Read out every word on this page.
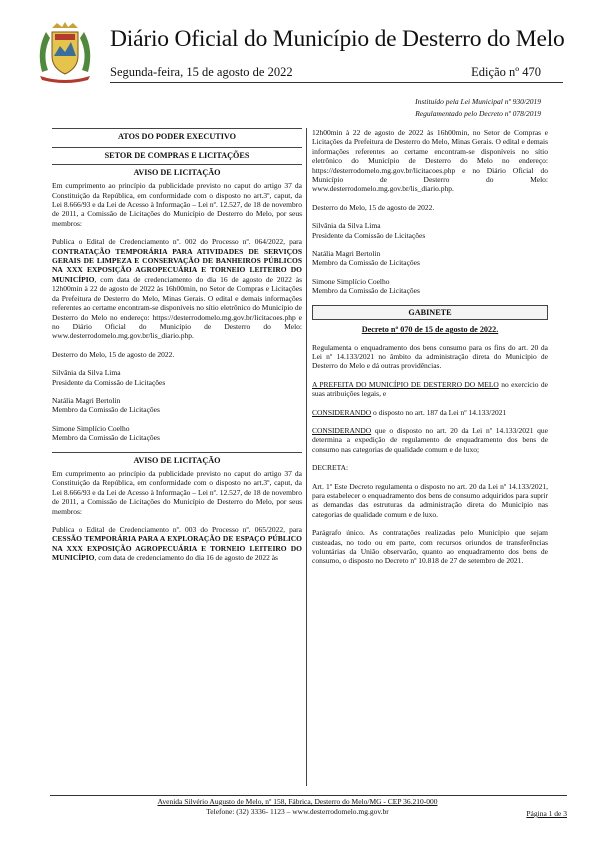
Diário Oficial do Município de Desterro do Melo
Segunda-feira, 15 de agosto de 2022	Edição nº 470
Instituído pela Lei Municipal nº 930/2019
Regulamentado pelo Decreto nº 078/2019
ATOS DO PODER EXECUTIVO
SETOR DE COMPRAS E LICITAÇÕES
AVISO DE LICITAÇÃO

Em cumprimento ao princípio da publicidade previsto no caput do artigo 37 da Constituição da República, em conformidade com o disposto no art.3º, caput, da Lei 8.666/93 e da Lei de Acesso à Informação – Lei nº. 12.527, de 18 de novembro de 2011, a Comissão de Licitações do Município de Desterro do Melo, por seus membros:

Publica o Edital de Credenciamento nº. 002 do Processo nº. 064/2022, para CONTRATAÇÃO TEMPORÁRIA PARA ATIVIDADES DE SERVIÇOS GERAIS DE LIMPEZA E CONSERVAÇÃO DE BANHEIROS PÚBLICOS NA XXX EXPOSIÇÃO AGROPECUÁRIA E TORNEIO LEITEIRO DO MUNICÍPIO, com data de credenciamento do dia 16 de agosto de 2022 às 12h00min à 22 de agosto de 2022 às 16h00min, no Setor de Compras e Licitações da Prefeitura de Desterro do Melo, Minas Gerais. O edital e demais informações referentes ao certame encontram-se disponíveis no sítio eletrônico do Município de Desterro do Melo no endereço: https://desterrodomelo.mg.gov.br/licitacoes.php e no Diário Oficial do Município de Desterro do Melo: www.desterrodomelo.mg.gov.br/lis_diario.php.

Desterro do Melo, 15 de agosto de 2022.

Silvânia da Silva Lima
Presidente da Comissão de Licitações
Natália Magri Bertolin
Membro da Comissão de Licitações
Simone Simplício Coelho
Membro da Comissão de Licitações
AVISO DE LICITAÇÃO

Em cumprimento ao princípio da publicidade previsto no caput do artigo 37 da Constituição da República, em conformidade com o disposto no art.3º, caput, da Lei 8.666/93 e da Lei de Acesso à Informação – Lei nº. 12.527, de 18 de novembro de 2011, a Comissão de Licitações do Município de Desterro do Melo, por seus membros:

Publica o Edital de Credenciamento nº. 003 do Processo nº. 065/2022, para CESSÃO TEMPORÁRIA PARA A EXPLORAÇÃO DE ESPAÇO PÚBLICO NA XXX EXPOSIÇÃO AGROPECUÁRIA E TORNEIO LEITEIRO DO MUNICÍPIO, com data de credenciamento do dia 16 de agosto de 2022 às

12h00min à 22 de agosto de 2022 às 16h00min, no Setor de Compras e Licitações da Prefeitura de Desterro do Melo, Minas Gerais. O edital e demais informações referentes ao certame encontram-se disponíveis no sítio eletrônico do Município de Desterro do Melo no endereço: https://desterrodomelo.mg.gov.br/licitacoes.php e no Diário Oficial do Município de Desterro do Melo: www.desterrodomelo.mg.gov.br/lis_diario.php.

Desterro do Melo, 15 de agosto de 2022.

Silvânia da Silva Lima
Presidente da Comissão de Licitações
Natália Magri Bertolin
Membro da Comissão de Licitações
Simone Simplício Coelho
Membro da Comissão de Licitações
GABINETE
Decreto nº 070 de 15 de agosto de 2022.

Regulamenta o enquadramento dos bens consumo para os fins do art. 20 da Lei nº 14.133/2021 no âmbito da administração direta do Município de Desterro do Melo e dá outras providências.

A PREFEITA DO MUNICÍPIO DE DESTERRO DO MELO no exercício de suas atribuições legais, e

CONSIDERANDO o disposto no art. 187 da Lei nº 14.133/2021

CONSIDERANDO que o disposto no art. 20 da Lei nº 14.133/2021 que determina a expedição de regulamento de enquadramento dos bens de consumo nas categorias de qualidade comum e de luxo;

DECRETA:

Art. 1º Este Decreto regulamenta o disposto no art. 20 da Lei nº 14.133/2021, para estabelecer o enquadramento dos bens de consumo adquiridos para suprir as demandas das estruturas da administração direta do Município nas categorias de qualidade comum e de luxo.

Parágrafo único. As contratações realizadas pelo Município que sejam custeadas, no todo ou em parte, com recursos oriundos de transferências voluntárias da União observarão, quanto ao enquadramento dos bens de consumo, o disposto no Decreto nº 10.818 de 27 de setembro de 2021.

Avenida Silvério Augusto de Melo, nº 158, Fábrica, Desterro do Melo/MG - CEP 36.210-000
Telefone: (32) 3336- 1123 – www.desterrodomelo.mg.gov.br	Página 1 de 3
